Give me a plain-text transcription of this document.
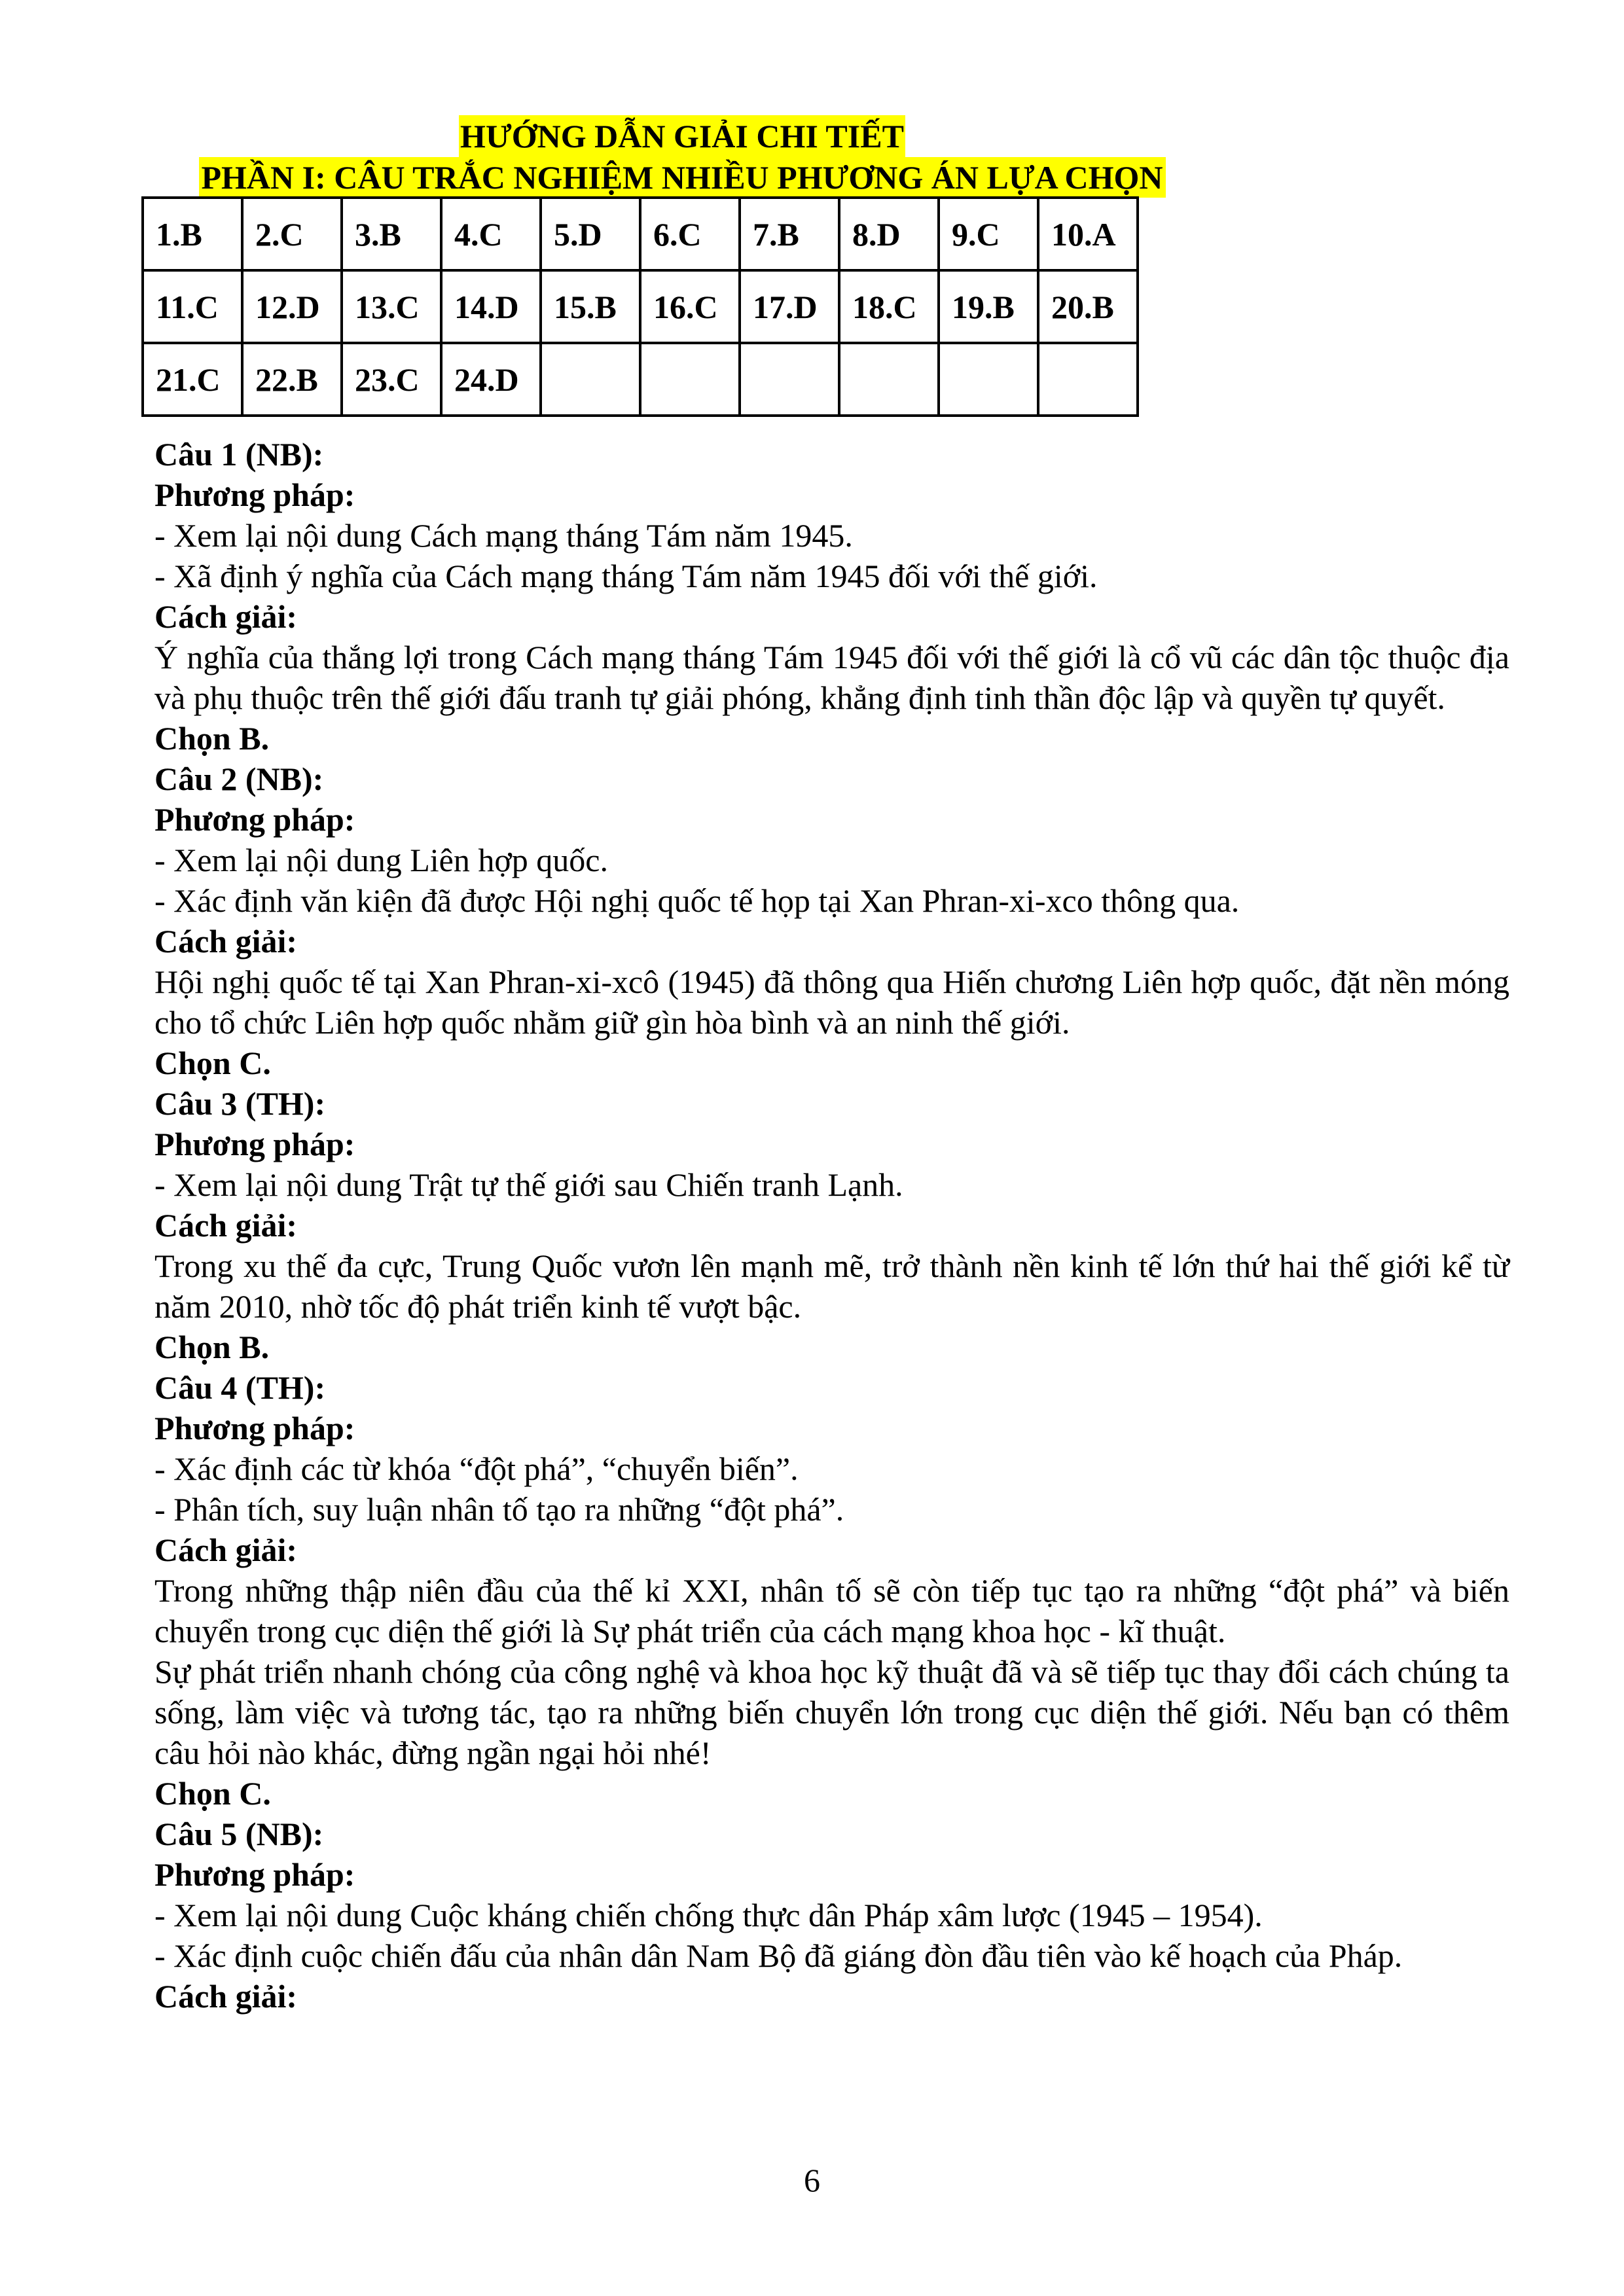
HƯỚNG DẪN GIẢI CHI TIẾT
PHẦN I: CÂU TRẮC NGHIỆM NHIỀU PHƯƠNG ÁN LỰA CHỌN
1.B	2.C	3.B	4.C	5.D	6.C	7.B	8.D	9.C	10.A
11.C	12.D	13.C	14.D	15.B	16.C	17.D	18.C	19.B	20.B
21.C	22.B	23.C	24.D						

Câu 1 (NB):

Phương pháp:

- Xem lại nội dung Cách mạng tháng Tám năm 1945.

- Xã định ý nghĩa của Cách mạng tháng Tám năm 1945 đối với thế giới.

Cách giải:

Ý nghĩa của thắng lợi trong Cách mạng tháng Tám 1945 đối với thế giới là cổ vũ các dân tộc thuộc địa và phụ thuộc trên thế giới đấu tranh tự giải phóng, khẳng định tinh thần độc lập và quyền tự quyết.

Chọn B.

Câu 2 (NB):

Phương pháp:

- Xem lại nội dung Liên hợp quốc.

- Xác định văn kiện đã được Hội nghị quốc tế họp tại Xan Phran-xi-xco thông qua.

Cách giải:

Hội nghị quốc tế tại Xan Phran-xi-xcô (1945) đã thông qua Hiến chương Liên hợp quốc, đặt nền móng cho tổ chức Liên hợp quốc nhằm giữ gìn hòa bình và an ninh thế giới.

Chọn C.

Câu 3 (TH):

Phương pháp:

- Xem lại nội dung Trật tự thế giới sau Chiến tranh Lạnh.

Cách giải:

Trong xu thế đa cực, Trung Quốc vươn lên mạnh mẽ, trở thành nền kinh tế lớn thứ hai thế giới kể từ năm 2010, nhờ tốc độ phát triển kinh tế vượt bậc.

Chọn B.

Câu 4 (TH):

Phương pháp:

- Xác định các từ khóa “đột phá”, “chuyển biến”.

- Phân tích, suy luận nhân tố tạo ra những “đột phá”.

Cách giải:

Trong những thập niên đầu của thế kỉ XXI, nhân tố sẽ còn tiếp tục tạo ra những “đột phá” và biến chuyển trong cục diện thế giới là Sự phát triển của cách mạng khoa học - kĩ thuật.

Sự phát triển nhanh chóng của công nghệ và khoa học kỹ thuật đã và sẽ tiếp tục thay đổi cách chúng ta sống, làm việc và tương tác, tạo ra những biến chuyển lớn trong cục diện thế giới. Nếu bạn có thêm câu hỏi nào khác, đừng ngần ngại hỏi nhé!

Chọn C.

Câu 5 (NB):

Phương pháp:

- Xem lại nội dung Cuộc kháng chiến chống thực dân Pháp xâm lược (1945 – 1954).

- Xác định cuộc chiến đấu của nhân dân Nam Bộ đã giáng đòn đầu tiên vào kế hoạch của Pháp.

Cách giải:

6
